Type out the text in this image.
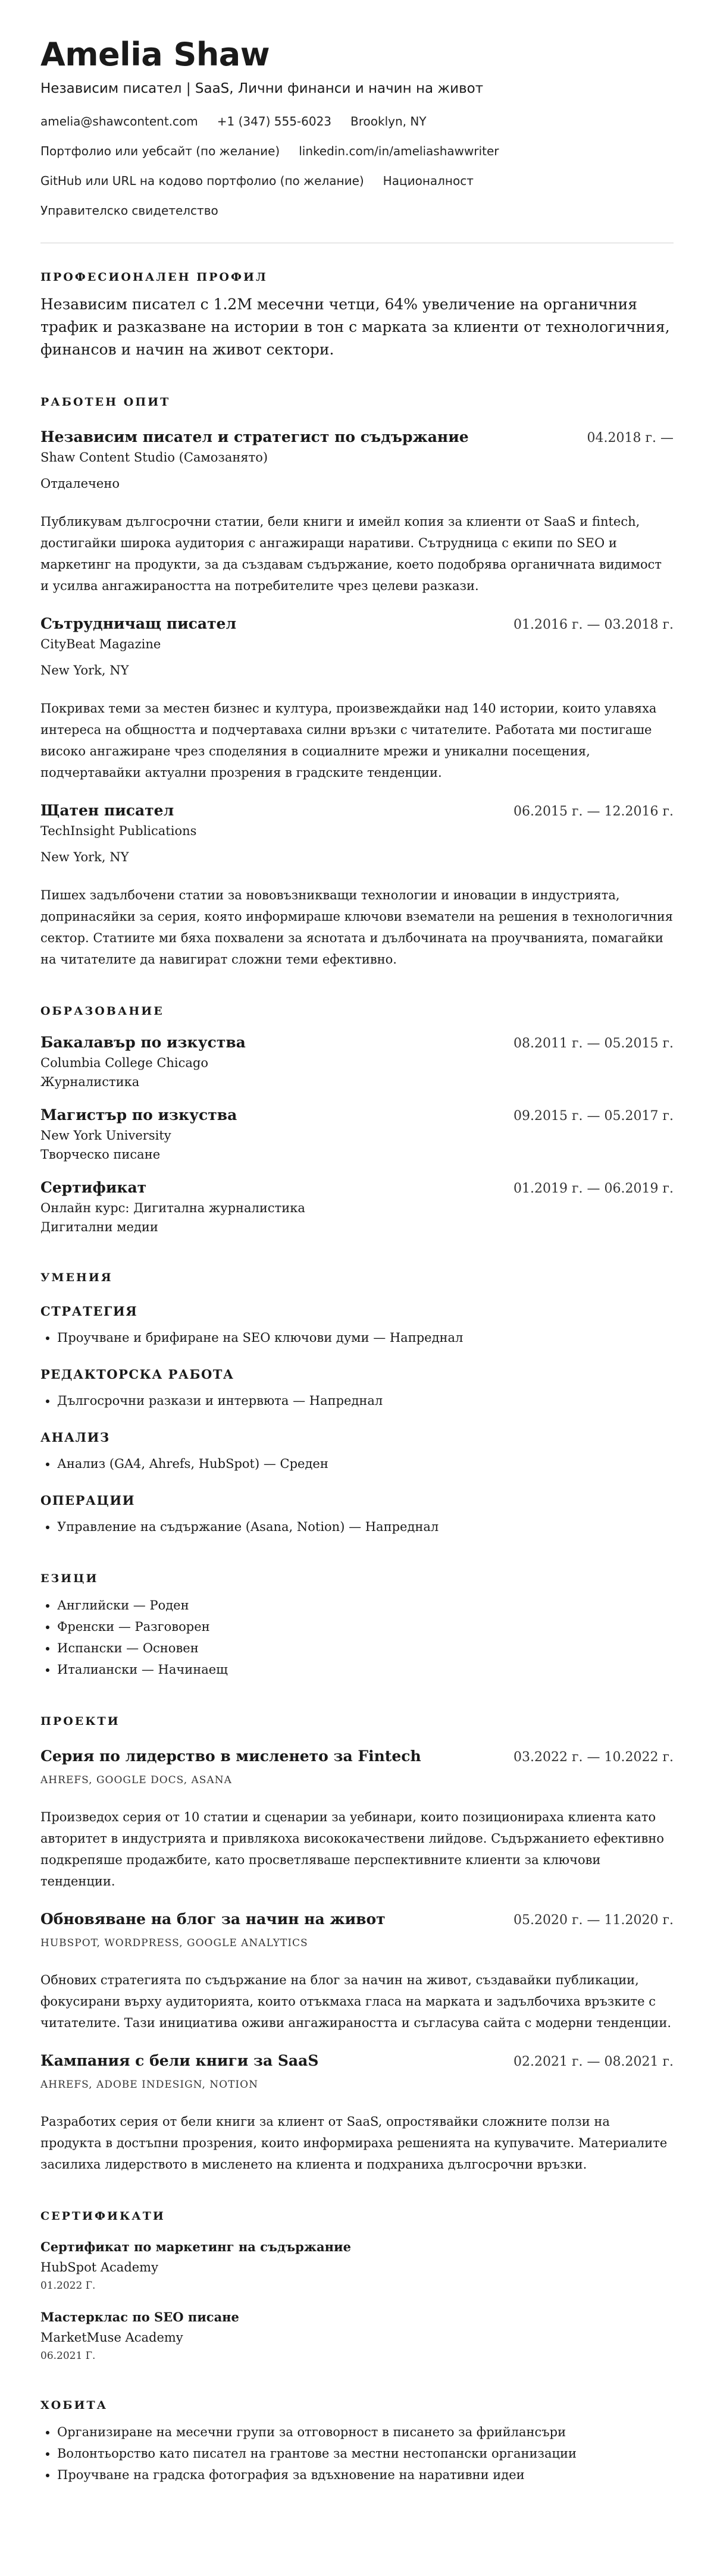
Amelia Shaw

Независим писател | SaaS, Лични финанси и начин на живот

amelia@shawcontent.com +1 (347) 555-6023 Brooklyn, NY
Портфолио или уебсайт (по желание) linkedin.com/in/ameliashawwriter
GitHub или URL на кодово портфолио (по желание) Националност
Управителско свидетелство
ПРОФЕСИОНАЛЕН ПРОФИЛ

Независим писател с 1.2M месечни четци, 64% увеличение на органичния трафик и разказване на истории в тон с марката за клиенти от технологичния, финансов и начин на живот сектори.

РАБОТЕН ОПИТ
Независим писател и стратегист по съдържание	04.2018 г. —
Shaw Content Studio (Самозанято)
Отдалечено

Публикувам дългосрочни статии, бели книги и имейл копия за клиенти от SaaS и fintech, достигайки широка аудитория с ангажиращи наративи. Сътрудница с екипи по SEO и маркетинг на продукти, за да създавам съдържание, което подобрява органичната видимост и усилва ангажираността на потребителите чрез целеви разкази.

Сътрудничащ писател	01.2016 г. — 03.2018 г.
CityBeat Magazine
New York, NY

Покривах теми за местен бизнес и култура, произвеждайки над 140 истории, които улавяха интереса на общността и подчертаваха силни връзки с читателите. Работата ми постигаше високо ангажиране чрез споделяния в социалните мрежи и уникални посещения, подчертавайки актуални прозрения в градските тенденции.

Щатен писател	06.2015 г. — 12.2016 г.
TechInsight Publications
New York, NY

Пишех задълбочени статии за нововъзникващи технологии и иновации в индустрията, допринасяйки за серия, която информираше ключови взематели на решения в технологичния сектор. Статиите ми бяха похвалени за яснотата и дълбочината на проучванията, помагайки на читателите да навигират сложни теми ефективно.

ОБРАЗОВАНИЕ
Бакалавър по изкуства	08.2011 г. — 05.2015 г.
Columbia College Chicago
Журналистика
Магистър по изкуства	09.2015 г. — 05.2017 г.
New York University
Творческо писане
Сертификат	01.2019 г. — 06.2019 г.
Онлайн курс: Дигитална журналистика
Дигитални медии
УМЕНИЯ
СТРАТЕГИЯ
• Проучване и брифиране на SEO ключови думи — Напреднал
РЕДАКТОРСКА РАБОТА
• Дългосрочни разкази и интервюта — Напреднал
АНАЛИЗ
• Анализ (GA4, Ahrefs, HubSpot) — Среден
ОПЕРАЦИИ
• Управление на съдържание (Asana, Notion) — Напреднал
ЕЗИЦИ
• Английски — Роден
• Френски — Разговорен
• Испански — Основен
• Италиански — Начинаещ
ПРОЕКТИ
Серия по лидерство в мисленето за Fintech	03.2022 г. — 10.2022 г.
AHREFS, GOOGLE DOCS, ASANA

Произведох серия от 10 статии и сценарии за уебинари, които позиционираха клиента като авторитет в индустрията и привлякоха висококачествени лийдове. Съдържанието ефективно подкрепяше продажбите, като просветляваше перспективните клиенти за ключови тенденции.

Обновяване на блог за начин на живот	05.2020 г. — 11.2020 г.
HUBSPOT, WORDPRESS, GOOGLE ANALYTICS

Обнових стратегията по съдържание на блог за начин на живот, създавайки публикации, фокусирани върху аудиторията, които отъкмаха гласа на марката и задълбочиха връзките с читателите. Тази инициатива оживи ангажираността и съгласува сайта с модерни тенденции.

Кампания с бели книги за SaaS	02.2021 г. — 08.2021 г.
AHREFS, ADOBE INDESIGN, NOTION

Разработих серия от бели книги за клиент от SaaS, опростявайки сложните ползи на продукта в достъпни прозрения, които информираха решенията на купувачите. Материалите засилиха лидерството в мисленето на клиента и подхраниха дългосрочни връзки.

СЕРТИФИКАТИ
Сертификат по маркетинг на съдържание
HubSpot Academy
01.2022 Г.
Мастерклас по SEO писане
MarketMuse Academy
06.2021 Г.
ХОБИТА
• Организиране на месечни групи за отговорност в писането за фрийлансъри
• Волонтьорство като писател на грантове за местни нестопански организации
• Проучване на градска фотография за вдъхновение на наративни идеи
